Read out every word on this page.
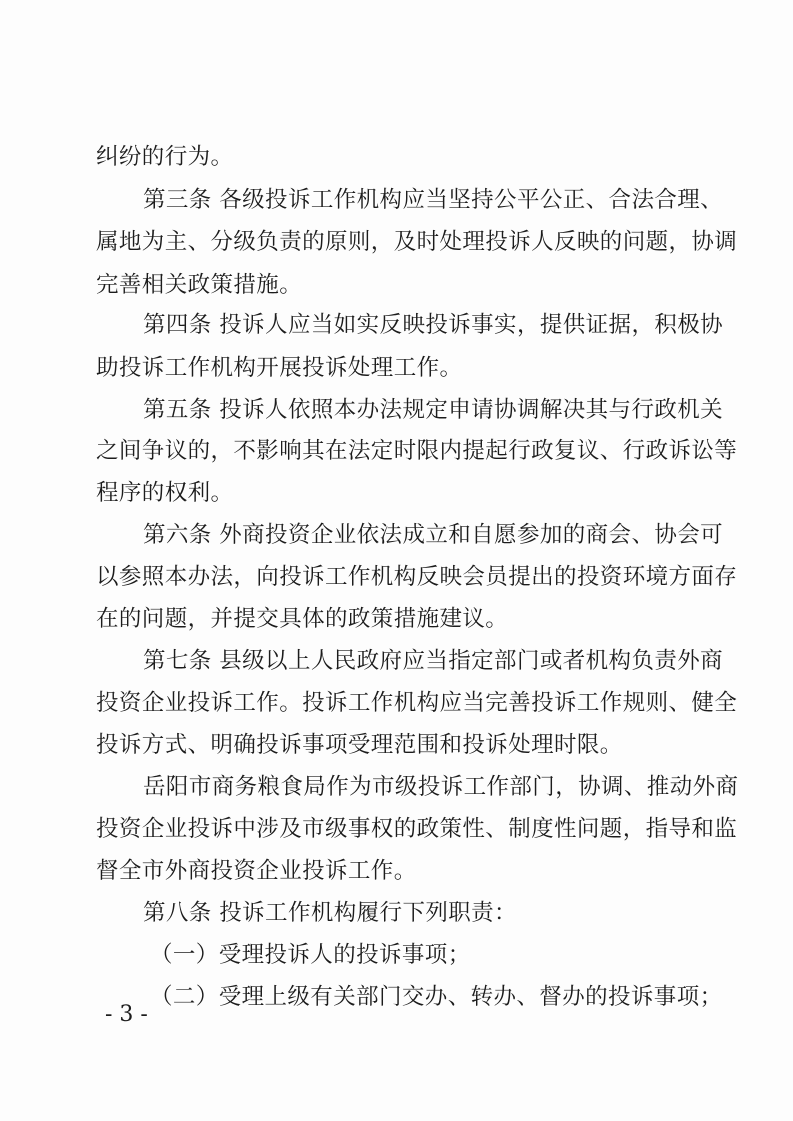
纠纷的行为。
第三条 各级投诉工作机构应当坚持公平公正、合法合理、
属地为主、分级负责的原则，及时处理投诉人反映的问题，协调
完善相关政策措施。
第四条 投诉人应当如实反映投诉事实，提供证据，积极协
助投诉工作机构开展投诉处理工作。
第五条 投诉人依照本办法规定申请协调解决其与行政机关
之间争议的，不影响其在法定时限内提起行政复议、行政诉讼等
程序的权利。
第六条 外商投资企业依法成立和自愿参加的商会、协会可
以参照本办法，向投诉工作机构反映会员提出的投资环境方面存
在的问题，并提交具体的政策措施建议。
第七条 县级以上人民政府应当指定部门或者机构负责外商
投资企业投诉工作。投诉工作机构应当完善投诉工作规则、健全
投诉方式、明确投诉事项受理范围和投诉处理时限。
岳阳市商务粮食局作为市级投诉工作部门，协调、推动外商
投资企业投诉中涉及市级事权的政策性、制度性问题，指导和监
督全市外商投资企业投诉工作。
第八条 投诉工作机构履行下列职责：
（一）受理投诉人的投诉事项；
（二）受理上级有关部门交办、转办、督办的投诉事项；
- 3 -
